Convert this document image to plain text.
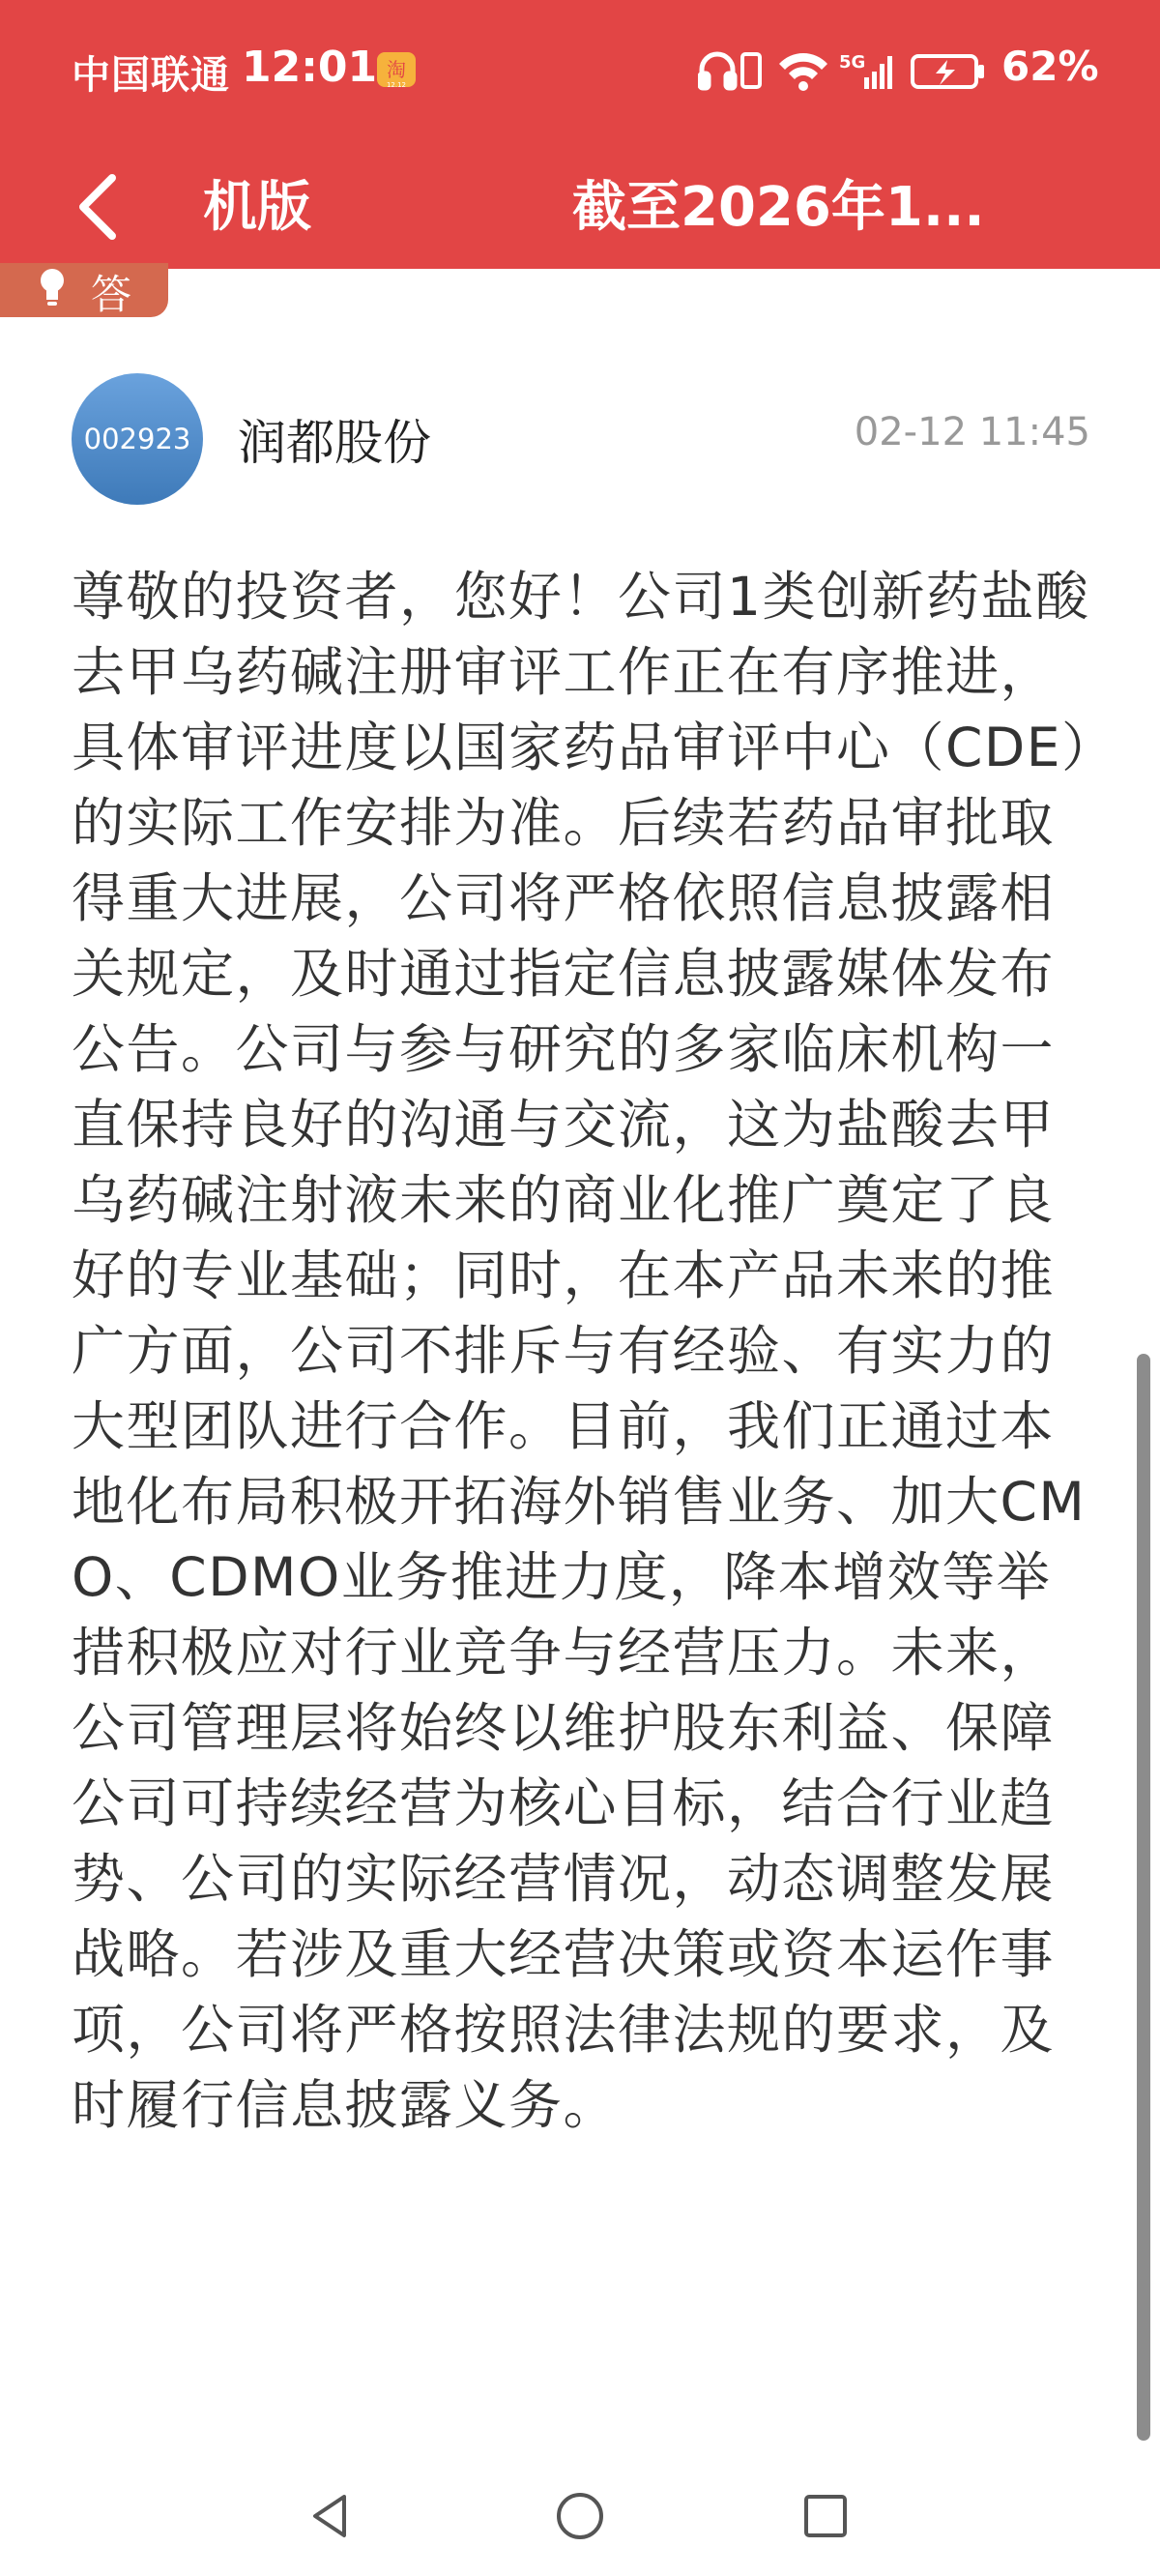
中国联通 12:01 淘
12.12
5G	62%
机版	截至2026年1...
答
002923 润都股份	02-12 11:45

尊敬的投资者，您好！公司1类创新药盐酸去甲乌药碱注册审评工作正在有序推进，具体审评进度以国家药品审评中心（CDE）的实际工作安排为准。后续若药品审批取得重大进展，公司将严格依照信息披露相关规定，及时通过指定信息披露媒体发布公告。公司与参与研究的多家临床机构一直保持良好的沟通与交流，这为盐酸去甲乌药碱注射液未来的商业化推广奠定了良好的专业基础；同时，在本产品未来的推广方面，公司不排斥与有经验、有实力的大型团队进行合作。目前，我们正通过本地化布局积极开拓海外销售业务、加大CMO、CDMO业务推进力度，降本增效等举措积极应对行业竞争与经营压力。未来，公司管理层将始终以维护股东利益、保障公司可持续经营为核心目标，结合行业趋势、公司的实际经营情况，动态调整发展战略。若涉及重大经营决策或资本运作事项，公司将严格按照法律法规的要求，及时履行信息披露义务。
